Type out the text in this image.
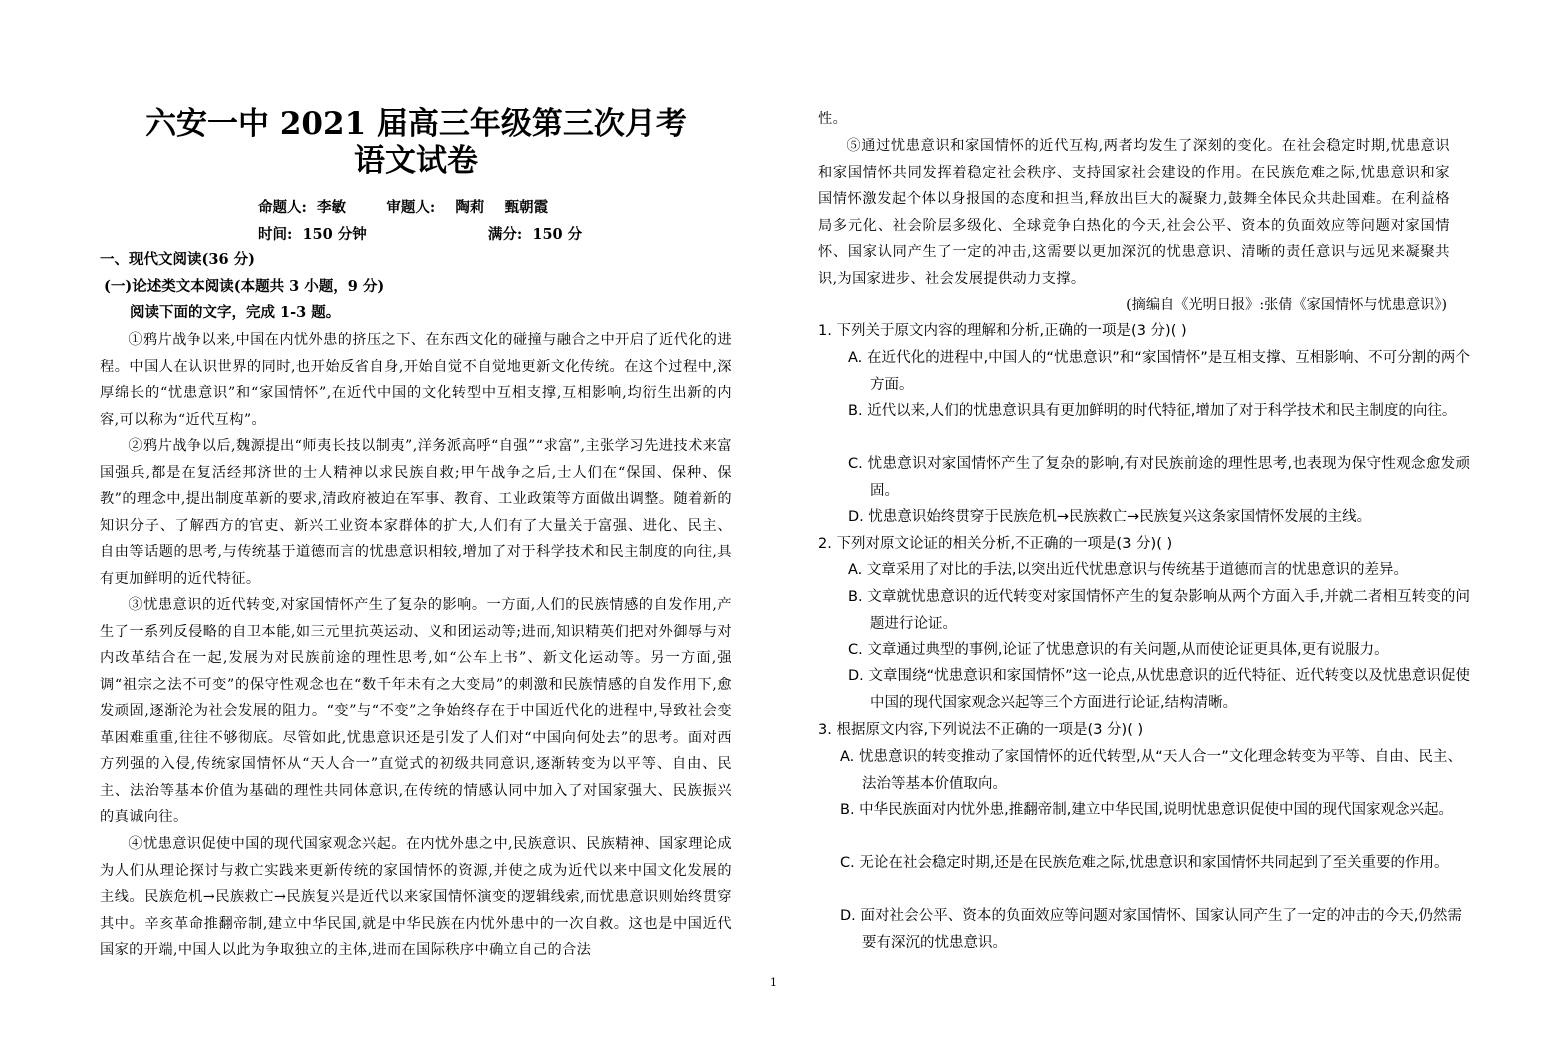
六安一中 2021 届高三年级第三次月考
语文试卷
命题人:  李敏        审题人:    陶莉    甄朝霞
时间:  150 分钟                        满分:  150 分
一、现代文阅读(36 分)
(一)论述类文本阅读(本题共 3 小题，9 分)
阅读下面的文字，完成 1-3 题。
①鸦片战争以来,中国在内忧外患的挤压之下、在东西文化的碰撞与融合之中开启了近代化的进程。中国人在认识世界的同时,也开始反省自身,开始自觉不自觉地更新文化传统。在这个过程中,深厚绵长的“忧患意识”和“家国情怀”,在近代中国的文化转型中互相支撑,互相影响,均衍生出新的内容,可以称为“近代互构”。
②鸦片战争以后,魏源提出“师夷长技以制夷”,洋务派高呼“自强”“求富”,主张学习先进技术来富国强兵,都是在复活经邦济世的士人精神以求民族自救;甲午战争之后,士人们在“保国、保种、保教”的理念中,提出制度革新的要求,清政府被迫在军事、教育、工业政策等方面做出调整。随着新的知识分子、了解西方的官吏、新兴工业资本家群体的扩大,人们有了大量关于富强、进化、民主、自由等话题的思考,与传统基于道德而言的忧患意识相较,增加了对于科学技术和民主制度的向往,具有更加鲜明的近代特征。
③忧患意识的近代转变,对家国情怀产生了复杂的影响。一方面,人们的民族情感的自发作用,产生了一系列反侵略的自卫本能,如三元里抗英运动、义和团运动等;进而,知识精英们把对外御辱与对内改革结合在一起,发展为对民族前途的理性思考,如“公车上书”、新文化运动等。另一方面,强调“祖宗之法不可变”的保守性观念也在“数千年未有之大变局”的刺激和民族情感的自发作用下,愈发顽固,逐渐沦为社会发展的阻力。“变”与“不变”之争始终存在于中国近代化的进程中,导致社会变革困难重重,往往不够彻底。尽管如此,忧患意识还是引发了人们对“中国向何处去”的思考。面对西方列强的入侵,传统家国情怀从“天人合一”直觉式的初级共同意识,逐渐转变为以平等、自由、民主、法治等基本价值为基础的理性共同体意识,在传统的情感认同中加入了对国家强大、民族振兴的真诚向往。
④忧患意识促使中国的现代国家观念兴起。在内忧外患之中,民族意识、民族精神、国家理论成为人们从理论探讨与救亡实践来更新传统的家国情怀的资源,并使之成为近代以来中国文化发展的主线。民族危机→民族救亡→民族复兴是近代以来家国情怀演变的逻辑线索,而忧患意识则始终贯穿其中。辛亥革命推翻帝制,建立中华民国,就是中华民族在内忧外患中的一次自救。这也是中国近代国家的开端,中国人以此为争取独立的主体,进而在国际秩序中确立自己的合法
性。
⑤通过忧患意识和家国情怀的近代互构,两者均发生了深刻的变化。在社会稳定时期,忧患意识和家国情怀共同发挥着稳定社会秩序、支持国家社会建设的作用。在民族危难之际,忧患意识和家国情怀激发起个体以身报国的态度和担当,释放出巨大的凝聚力,鼓舞全体民众共赴国难。在利益格局多元化、社会阶层多级化、全球竞争白热化的今天,社会公平、资本的负面效应等问题对家国情怀、国家认同产生了一定的冲击,这需要以更加深沉的忧患意识、清晰的责任意识与远见来凝聚共识,为国家进步、社会发展提供动力支撑。
(摘编自《光明日报》:张倩《家国情怀与忧患意识》)
1. 下列关于原文内容的理解和分析,正确的一项是(3 分)( )
A. 在近代化的进程中,中国人的“忧患意识”和“家国情怀”是互相支撑、互相影响、不可分割的两个方面。
B. 近代以来,人们的忧患意识具有更加鲜明的时代特征,增加了对于科学技术和民主制度的向往。
C. 忧患意识对家国情怀产生了复杂的影响,有对民族前途的理性思考,也表现为保守性观念愈发顽固。
D. 忧患意识始终贯穿于民族危机→民族救亡→民族复兴这条家国情怀发展的主线。
2. 下列对原文论证的相关分析,不正确的一项是(3 分)( )
A. 文章采用了对比的手法,以突出近代忧患意识与传统基于道德而言的忧患意识的差异。
B. 文章就忧患意识的近代转变对家国情怀产生的复杂影响从两个方面入手,并就二者相互转变的问题进行论证。
C. 文章通过典型的事例,论证了忧患意识的有关问题,从而使论证更具体,更有说服力。
D. 文章围绕“忧患意识和家国情怀”这一论点,从忧患意识的近代特征、近代转变以及忧患意识促使中国的现代国家观念兴起等三个方面进行论证,结构清晰。
3. 根据原文内容,下列说法不正确的一项是(3 分)( )
A. 忧患意识的转变推动了家国情怀的近代转型,从“天人合一”文化理念转变为平等、自由、民主、法治等基本价值取向。
B. 中华民族面对内忧外患,推翻帝制,建立中华民国,说明忧患意识促使中国的现代国家观念兴起。
C. 无论在社会稳定时期,还是在民族危难之际,忧患意识和家国情怀共同起到了至关重要的作用。
D. 面对社会公平、资本的负面效应等问题对家国情怀、国家认同产生了一定的冲击的今天,仍然需要有深沉的忧患意识。
1
